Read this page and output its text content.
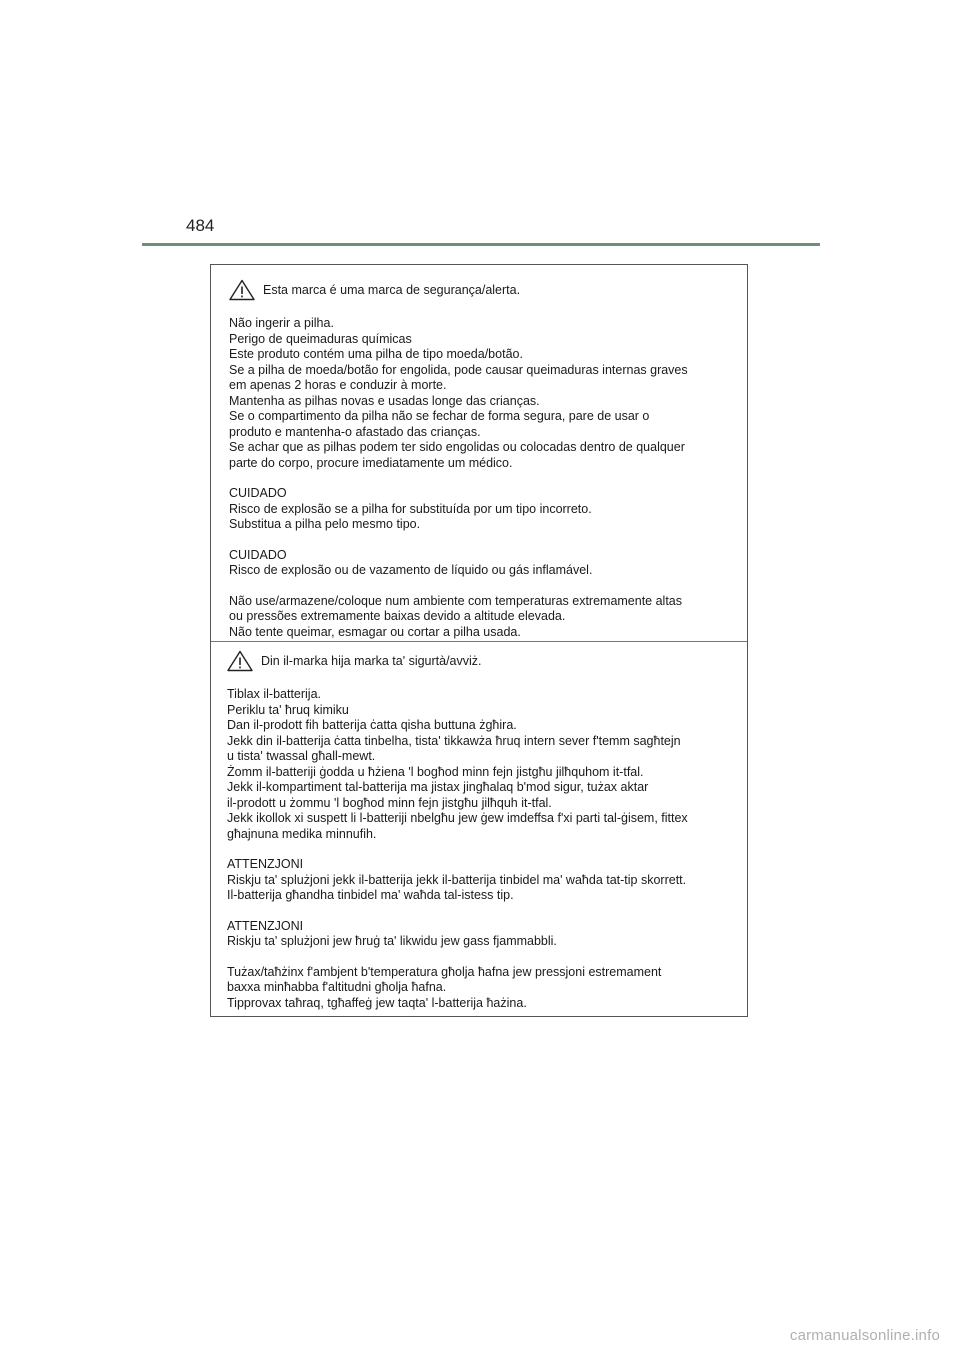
484
Esta marca é uma marca de segurança/alerta.
Não ingerir a pilha.
Perigo de queimaduras químicas
Este produto contém uma pilha de tipo moeda/botão.
Se a pilha de moeda/botão for engolida, pode causar queimaduras internas graves
em apenas 2 horas e conduzir à morte.
Mantenha as pilhas novas e usadas longe das crianças.
Se o compartimento da pilha não se fechar de forma segura, pare de usar o
produto e mantenha-o afastado das crianças.
Se achar que as pilhas podem ter sido engolidas ou colocadas dentro de qualquer
parte do corpo, procure imediatamente um médico.
CUIDADO
Risco de explosão se a pilha for substituída por um tipo incorreto.
Substitua a pilha pelo mesmo tipo.
CUIDADO
Risco de explosão ou de vazamento de líquido ou gás inflamável.
Não use/armazene/coloque num ambiente com temperaturas extremamente altas
ou pressões extremamente baixas devido a altitude elevada.
Não tente queimar, esmagar ou cortar a pilha usada.
Din il-marka hija marka ta' sigurtà/avviż.
Tiblax il-batterija.
Periklu ta' ħruq kimiku
Dan il-prodott fih batterija ċatta qisha buttuna żgħira.
Jekk din il-batterija ċatta tinbelha, tista' tikkawża ħruq intern sever f'temm sagħtejn
u tista' twassal għall-mewt.
Żomm il-batteriji ġodda u ħżiena 'l bogħod minn fejn jistgħu jilħquhom it-tfal.
Jekk il-kompartiment tal-batterija ma jistax jingħalaq b'mod sigur, tużax aktar
il-prodott u żommu 'l bogħod minn fejn jistgħu jilħquh it-tfal.
Jekk ikollok xi suspett li l-batteriji nbelgħu jew ġew imdeffsa f'xi parti tal-ġisem, fittex
għajnuna medika minnufih.
ATTENZJONI
Riskju ta' splużjoni jekk il-batterija jekk il-batterija tinbidel ma' waħda tat-tip skorrett.
Il-batterija għandha tinbidel ma' waħda tal-istess tip.
ATTENZJONI
Riskju ta' splużjoni jew ħruġ ta' likwidu jew gass fjammabbli.
Tużax/taħżinx f'ambjent b'temperatura għolja ħafna jew pressjoni estremament
baxxa minħabba f'altitudni għolja ħafna.
Tipprovax taħraq, tgħaffeġ jew taqta' l-batterija ħażina.
carmanualsonline.info
